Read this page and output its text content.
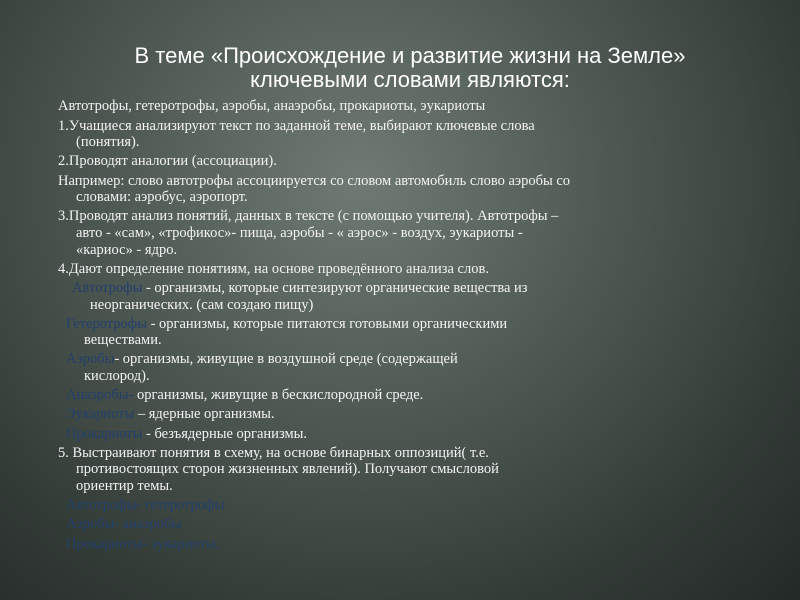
В теме «Происхождение и развитие жизни на Земле»
ключевыми словами являются:
Автотрофы, гетеротрофы, аэробы, анаэробы, прокариоты, эукариоты
1.Учащиеся анализируют текст по заданной теме, выбирают ключевые слова
(понятия).
2.Проводят аналогии (ассоциации).
Например: слово автотрофы ассоциируется со словом автомобиль слово аэробы со
словами: аэробус, аэропорт.
3.Проводят анализ понятий, данных в тексте (с помощью учителя). Автотрофы –
авто - «сам», «трофикос»- пища, аэробы - « аэрос» - воздух, эукариоты -
«кариос» - ядро.
4.Дают определение понятиям, на основе проведённого анализа слов.
Автотрофы - организмы, которые синтезируют органические вещества из
неорганических. (сам создаю пищу)
Гетеротрофы - организмы, которые питаются готовыми органическими
веществами.
Аэробы- организмы, живущие в воздушной среде (содержащей
кислород).
Анаэробы- организмы, живущие в бескислородной среде.
Эукариоты – ядерные организмы.
Прокариоты - безъядерные организмы.
5. Выстраивают понятия в схему, на основе бинарных оппозиций( т.е.
противостоящих сторон жизненных явлений). Получают смысловой
ориентир темы.
Автотрофы- гетеротрофы
Аэробы- анаэробы
Прокариоты- эукариоты.
